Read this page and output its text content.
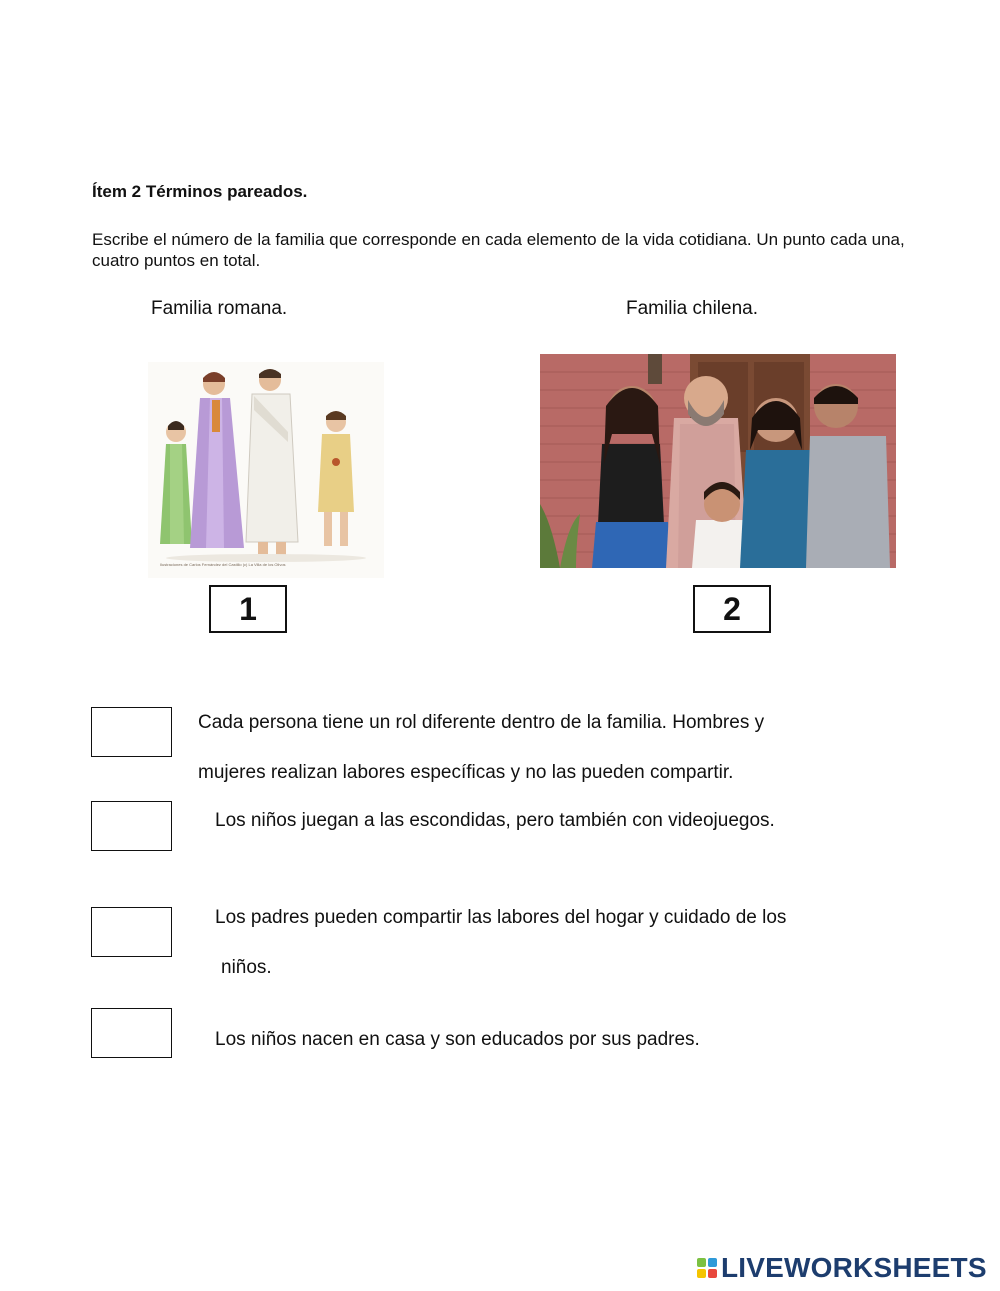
Ítem 2 Términos pareados.
Escribe el número de la familia que corresponde en cada elemento de la vida cotidiana. Un punto cada una, cuatro puntos en total.
Familia romana.	Familia chilena.
Ilustraciones de Carlos Fernández del Castillo (c) La Villa de los Olivos
1	2
Cada persona tiene un rol diferente dentro de la familia. Hombres y
mujeres realizan labores específicas y no las pueden compartir.
Los niños juegan a las escondidas, pero también con videojuegos.
Los padres pueden compartir las labores del hogar y cuidado de los
niños.
Los niños nacen en casa y son educados por sus padres.
LIVEWORKSHEETS
